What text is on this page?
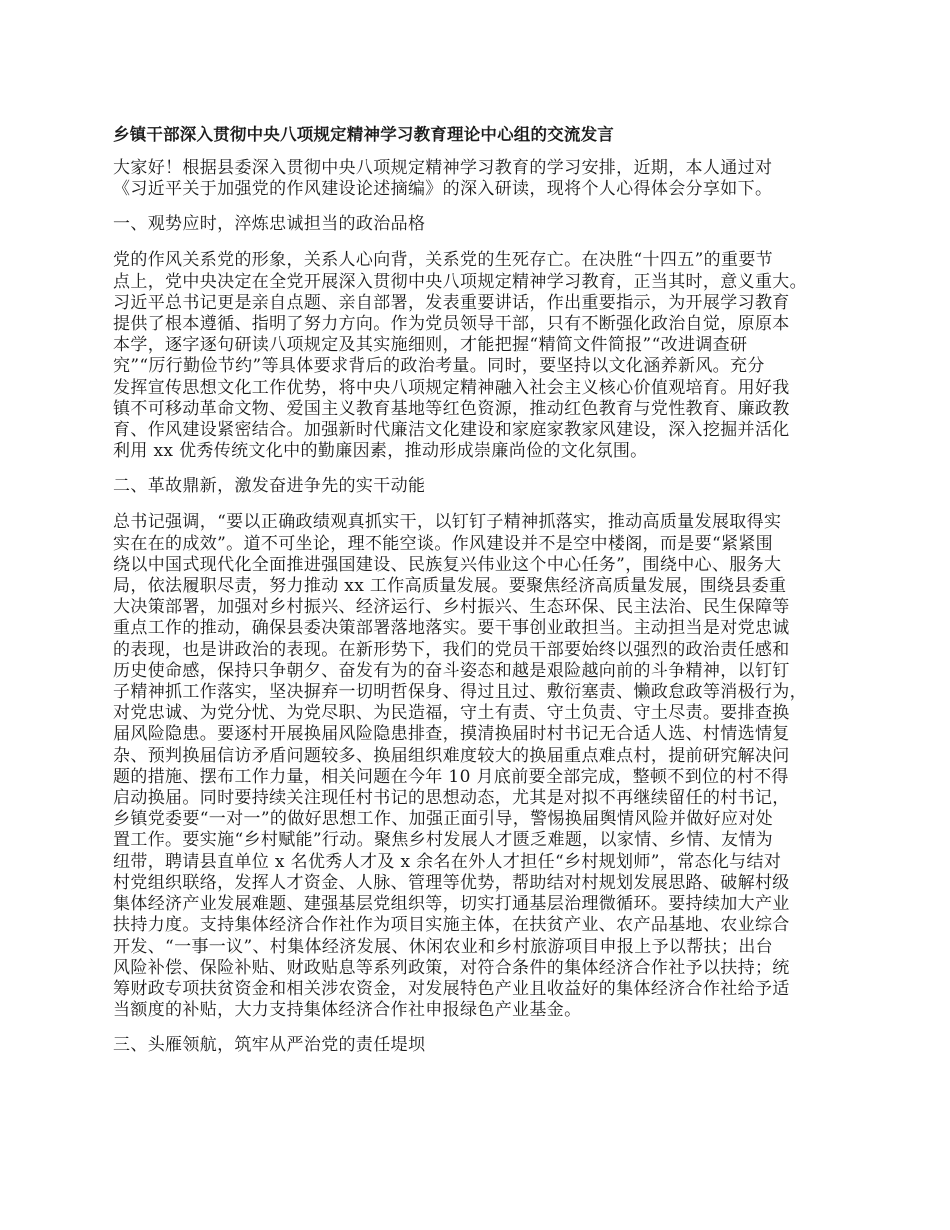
乡镇干部深入贯彻中央八项规定精神学习教育理论中心组的交流发言
大家好！根据县委深入贯彻中央八项规定精神学习教育的学习安排，近期，本人通过对
《习近平关于加强党的作风建设论述摘编》的深入研读，现将个人心得体会分享如下。
一、观势应时，淬炼忠诚担当的政治品格
党的作风关系党的形象，关系人心向背，关系党的生死存亡。在决胜“十四五”的重要节
点上，党中央决定在全党开展深入贯彻中央八项规定精神学习教育，正当其时，意义重大。
习近平总书记更是亲自点题、亲自部署，发表重要讲话，作出重要指示，为开展学习教育
提供了根本遵循、指明了努力方向。作为党员领导干部，只有不断强化政治自觉，原原本
本学，逐字逐句研读八项规定及其实施细则，才能把握“精简文件简报”“改进调查研
究”“厉行勤俭节约”等具体要求背后的政治考量。同时，要坚持以文化涵养新风。充分
发挥宣传思想文化工作优势，将中央八项规定精神融入社会主义核心价值观培育。用好我
镇不可移动革命文物、爱国主义教育基地等红色资源，推动红色教育与党性教育、廉政教
育、作风建设紧密结合。加强新时代廉洁文化建设和家庭家教家风建设，深入挖掘并活化
利用 xx 优秀传统文化中的勤廉因素，推动形成崇廉尚俭的文化氛围。
二、革故鼎新，激发奋进争先的实干动能
总书记强调，“要以正确政绩观真抓实干，以钉钉子精神抓落实，推动高质量发展取得实
实在在的成效”。道不可坐论，理不能空谈。作风建设并不是空中楼阁，而是要“紧紧围
绕以中国式现代化全面推进强国建设、民族复兴伟业这个中心任务”，围绕中心、服务大
局，依法履职尽责，努力推动 xx 工作高质量发展。要聚焦经济高质量发展，围绕县委重
大决策部署，加强对乡村振兴、经济运行、乡村振兴、生态环保、民主法治、民生保障等
重点工作的推动，确保县委决策部署落地落实。要干事创业敢担当。主动担当是对党忠诚
的表现，也是讲政治的表现。在新形势下，我们的党员干部要始终以强烈的政治责任感和
历史使命感，保持只争朝夕、奋发有为的奋斗姿态和越是艰险越向前的斗争精神，以钉钉
子精神抓工作落实，坚决摒弃一切明哲保身、得过且过、敷衍塞责、懒政怠政等消极行为，
对党忠诚、为党分忧、为党尽职、为民造福，守土有责、守土负责、守土尽责。要排查换
届风险隐患。要逐村开展换届风险隐患排查，摸清换届时村书记无合适人选、村情选情复
杂、预判换届信访矛盾问题较多、换届组织难度较大的换届重点难点村，提前研究解决问
题的措施、摆布工作力量，相关问题在今年 10 月底前要全部完成，整顿不到位的村不得
启动换届。同时要持续关注现任村书记的思想动态，尤其是对拟不再继续留任的村书记，
乡镇党委要“一对一”的做好思想工作、加强正面引导，警惕换届舆情风险并做好应对处
置工作。要实施“乡村赋能”行动。聚焦乡村发展人才匮乏难题，以家情、乡情、友情为
纽带，聘请县直单位 x 名优秀人才及 x 余名在外人才担任“乡村规划师”，常态化与结对
村党组织联络，发挥人才资金、人脉、管理等优势，帮助结对村规划发展思路、破解村级
集体经济产业发展难题、建强基层党组织等，切实打通基层治理微循环。要持续加大产业
扶持力度。支持集体经济合作社作为项目实施主体，在扶贫产业、农产品基地、农业综合
开发、“一事一议”、村集体经济发展、休闲农业和乡村旅游项目申报上予以帮扶；出台
风险补偿、保险补贴、财政贴息等系列政策，对符合条件的集体经济合作社予以扶持；统
筹财政专项扶贫资金和相关涉农资金，对发展特色产业且收益好的集体经济合作社给予适
当额度的补贴，大力支持集体经济合作社申报绿色产业基金。
三、头雁领航，筑牢从严治党的责任堤坝
